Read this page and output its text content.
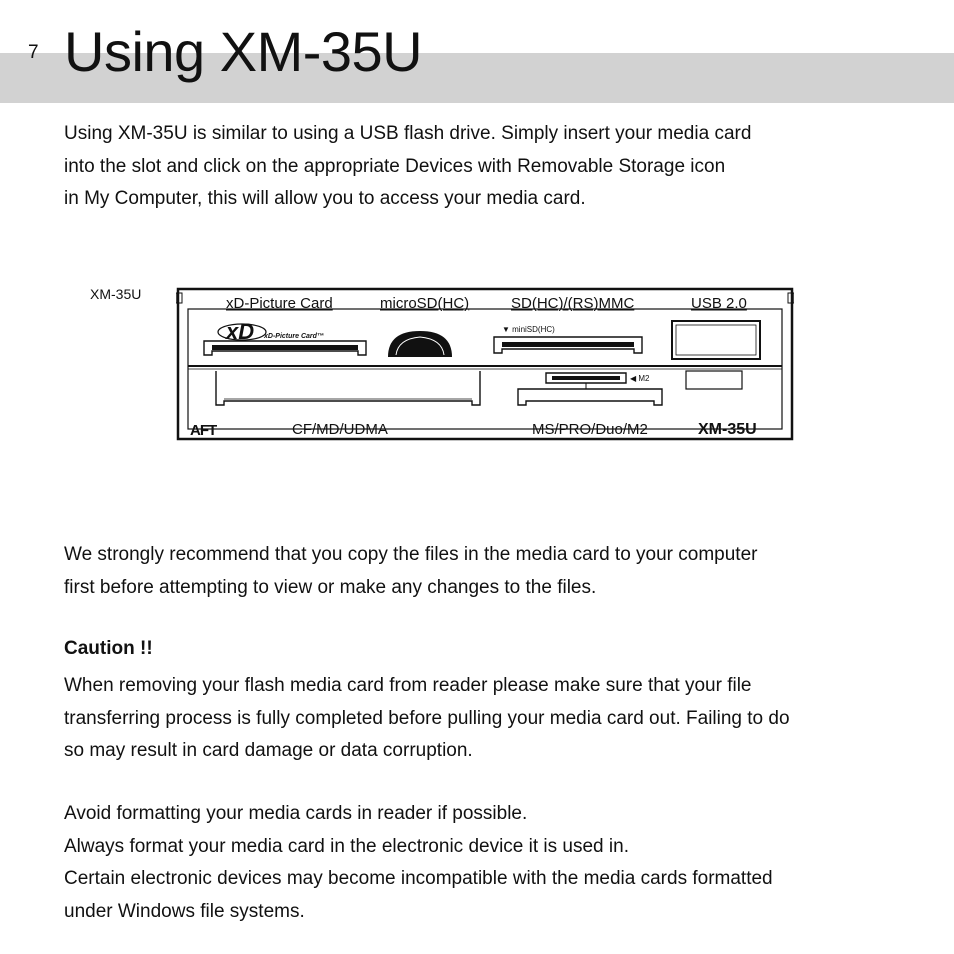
7 Using XM-35U

Using XM-35U is similar to using a USB flash drive. Simply insert your media card
into the slot and click on the appropriate Devices with Removable Storage icon
in My Computer, this will allow you to access your media card.

XM-35U
xD-Picture Card	microSD(HC)	SD(HC)/(RS)MMC	USB 2.0
xD xD-Picture Card™
▼ miniSD(HC)
◀ M2
AFT	CF/MD/UDMA	MS/PRO/Duo/M2	XM-35U

We strongly recommend that you copy the files in the media card to your computer
first before attempting to view or make any changes to the files.

Caution !!

When removing your flash media card from reader please make sure that your file
transferring process is fully completed before pulling your media card out. Failing to do
so may result in card damage or data corruption.

Avoid formatting your media cards in reader if possible.
Always format your media card in the electronic device it is used in.
Certain electronic devices may become incompatible with the media cards formatted
under Windows file systems.
